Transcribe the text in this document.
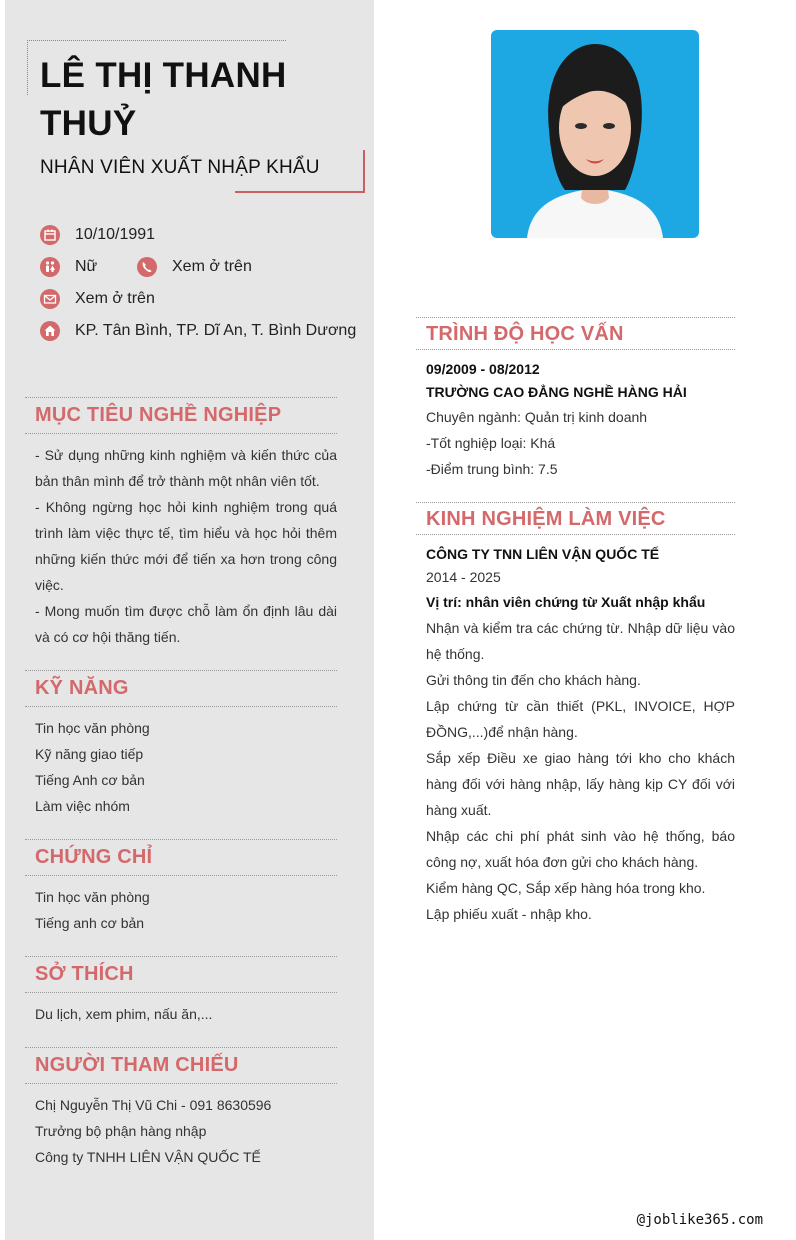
LÊ THỊ THANH THUỶ
NHÂN VIÊN XUẤT NHẬP KHẨU
10/10/1991
Nữ	Xem ở trên
Xem ở trên
KP. Tân Bình, TP. Dĩ An, T. Bình Dương
MỤC TIÊU NGHỀ NGHIỆP
- Sử dụng những kinh nghiệm và kiến thức của bản thân mình để trở thành một nhân viên tốt.
- Không ngừng học hỏi kinh nghiệm trong quá trình làm việc thực tế, tìm hiểu và học hỏi thêm những kiến thức mới để tiến xa hơn trong công việc.
- Mong muốn tìm được chỗ làm ổn định lâu dài và có cơ hội thăng tiến.
KỸ NĂNG
Tin học văn phòng
Kỹ năng giao tiếp
Tiếng Anh cơ bản
Làm việc nhóm
CHỨNG CHỈ
Tin học văn phòng
Tiếng anh cơ bản
SỞ THÍCH
Du lịch, xem phim, nấu ăn,...
NGƯỜI THAM CHIẾU
Chị Nguyễn Thị Vũ Chi - 091 8630596
Trưởng bộ phận hàng nhập
Công ty TNHH LIÊN VẬN QUỐC TẾ
TRÌNH ĐỘ HỌC VẤN
09/2009 - 08/2012
TRƯỜNG CAO ĐẲNG NGHỀ HÀNG HẢI
Chuyên ngành: Quản trị kinh doanh
-Tốt nghiệp loại: Khá
-Điểm trung bình: 7.5
KINH NGHIỆM LÀM VIỆC
CÔNG TY TNN LIÊN VẬN QUỐC TẾ
2014 - 2025
Vị trí: nhân viên chứng từ Xuất nhập khẩu
Nhận và kiểm tra các chứng từ. Nhập dữ liệu vào hệ thống.
Gửi thông tin đến cho khách hàng.
Lập chứng từ cần thiết (PKL, INVOICE, HỢP ĐỒNG,...)để nhận hàng.
Sắp xếp Điều xe giao hàng tới kho cho khách hàng đối với hàng nhập, lấy hàng kịp CY đối với hàng xuất.
Nhập các chi phí phát sinh vào hệ thống, báo công nợ, xuất hóa đơn gửi cho khách hàng.
Kiểm hàng QC, Sắp xếp hàng hóa trong kho.
Lập phiếu xuất - nhập kho.
@joblike365.com
